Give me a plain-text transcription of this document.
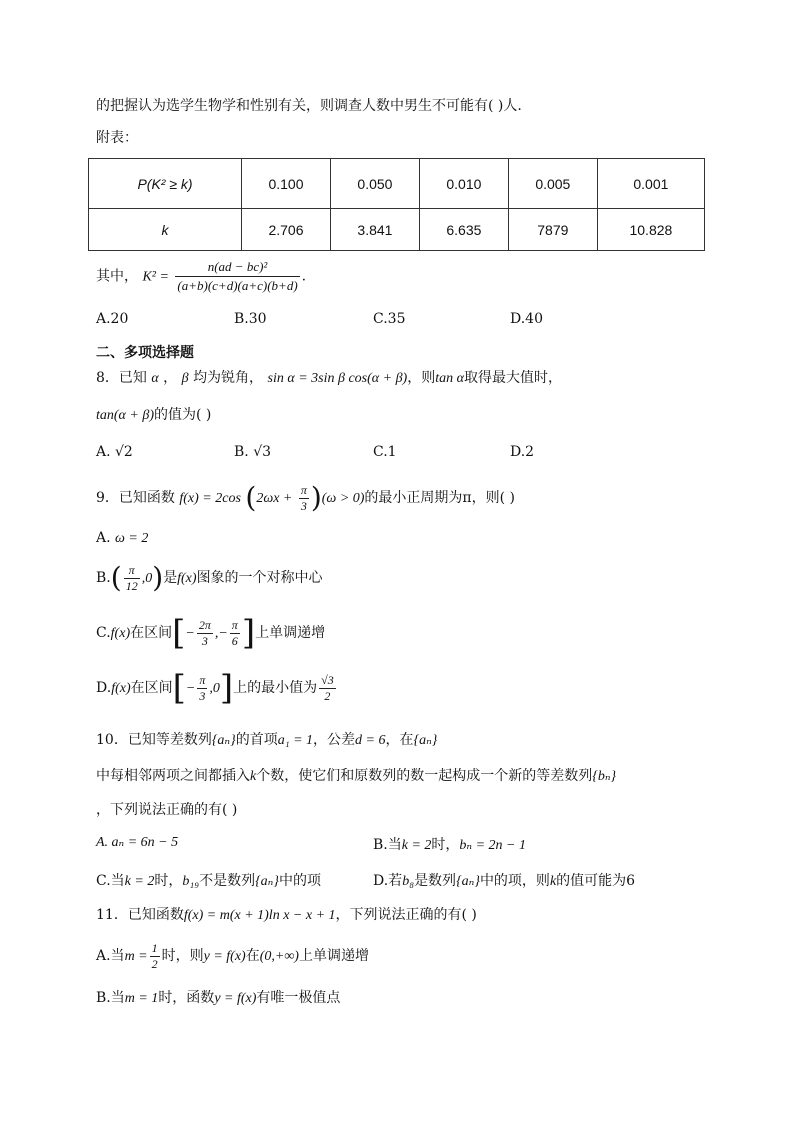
的把握认为选学生物学和性别有关，则调查人数中男生不可能有( )人.
附表：
P(K² ≥ k)	0.100	0.050	0.010	0.005	0.001
k	2.706	3.841	6.635	7879	10.828
其中， $K^2 = \frac{\text{n(ad − bc)²}}{(a+b)(c+d)(a+c)(b+d)}$ .
A.20	B.30	C.35	D.40
二、多项选择题
8．已知 α ， β 均为锐角， sin α = 3sin β cos(α + β)，则tan α取得最大值时，
tan(α + β)的值为( )
A. √2	B. √3	C.1	D.2
9．已知函数 f(x) = 2cos $(2\omega x + \frac{\pi}{3} )(\omega > 0)$的最小正周期为π，则( )
A. ω = 2
$B.( \frac{\pi}{12} ,0)$是f(x)图象的一个对称中心
C.f(x)在区间[− $\frac{2\pi}{3}$ ,− $\frac{\pi}{6}$ ]上单调递增
D.f(x)在区间[− $\frac{\pi}{3} ,0$]上的最小值为 $\frac{√3}{2}$
10．已知等差数列{aₙ}的首项a₁ = 1，公差d = 6，在{aₙ}
中每相邻两项之间都插入k个数，使它们和原数列的数一起构成一个新的等差数列{bₙ}
，下列说法正确的有( )
A. aₙ = 6n − 5	B.当k = 2时，bₙ = 2n − 1
C.当k = 2时，b₁₉不是数列{aₙ}中的项	D.若b₈是数列{aₙ}中的项，则k的值可能为6
11．已知函数f(x) = m(x + 1)ln x − x + 1，下列说法正确的有( )
A.当$m = \frac{1}{2}$ 时，则y = f(x)在(0,+∞)上单调递增
B.当m = 1时，函数y = f(x)有唯一极值点
